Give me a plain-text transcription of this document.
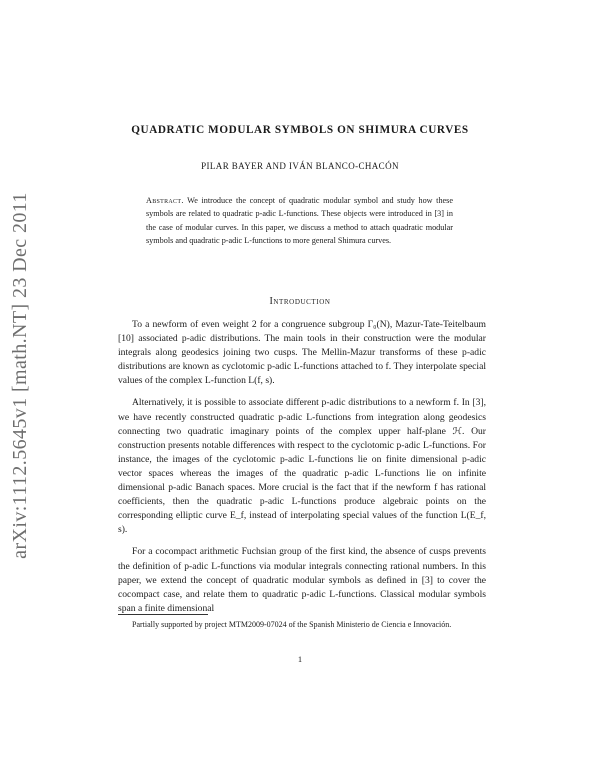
arXiv:1112.5645v1 [math.NT] 23 Dec 2011
QUADRATIC MODULAR SYMBOLS ON SHIMURA CURVES
PILAR BAYER AND IVÁN BLANCO-CHACÓN
Abstract. We introduce the concept of quadratic modular symbol and study how these symbols are related to quadratic p-adic L-functions. These objects were introduced in [3] in the case of modular curves. In this paper, we discuss a method to attach quadratic modular symbols and quadratic p-adic L-functions to more general Shimura curves.
Introduction

To a newform of even weight 2 for a congruence subgroup Γ₀(N), Mazur-Tate-Teitelbaum [10] associated p-adic distributions. The main tools in their construction were the modular integrals along geodesics joining two cusps. The Mellin-Mazur transforms of these p-adic distributions are known as cyclotomic p-adic L-functions attached to f. They interpolate special values of the complex L-function L(f, s).

Alternatively, it is possible to associate different p-adic distributions to a newform f. In [3], we have recently constructed quadratic p-adic L-functions from integration along geodesics connecting two quadratic imaginary points of the complex upper half-plane ℋ. Our construction presents notable differences with respect to the cyclotomic p-adic L-functions. For instance, the images of the cyclotomic p-adic L-functions lie on finite dimensional p-adic vector spaces whereas the images of the quadratic p-adic L-functions lie on infinite dimensional p-adic Banach spaces. More crucial is the fact that if the newform f has rational coefficients, then the quadratic p-adic L-functions produce algebraic points on the corresponding elliptic curve E_f, instead of interpolating special values of the function L(E_f, s).

For a cocompact arithmetic Fuchsian group of the first kind, the absence of cusps prevents the definition of p-adic L-functions via modular integrals connecting rational numbers. In this paper, we extend the concept of quadratic modular symbols as defined in [3] to cover the cocompact case, and relate them to quadratic p-adic L-functions. Classical modular symbols span a finite dimensional

Partially supported by project MTM2009-07024 of the Spanish Ministerio de Ciencia e Innovación.
1
